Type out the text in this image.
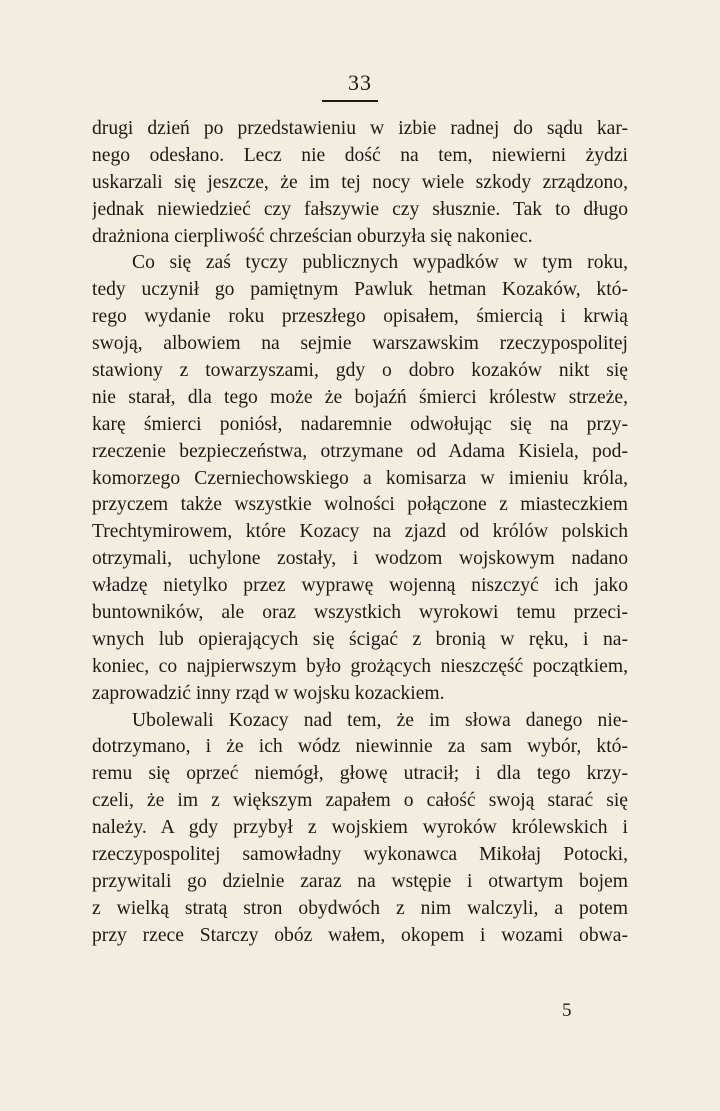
33
drugi dzień po przedstawieniu w izbie radnej do sądu kar-
nego odesłano. Lecz nie dość na tem, niewierni żydzi
uskarzali się jeszcze, że im tej nocy wiele szkody zrządzono,
jednak niewiedzieć czy fałszywie czy słusznie. Tak to długo
drażniona cierpliwość chrześcian oburzyła się nakoniec.
Co się zaś tyczy publicznych wypadków w tym roku,
tedy uczynił go pamiętnym Pawluk hetman Kozaków, któ-
rego wydanie roku przeszłego opisałem, śmiercią i krwią
swoją, albowiem na sejmie warszawskim rzeczypospolitej
stawiony z towarzyszami, gdy o dobro kozaków nikt się
nie starał, dla tego może że bojaźń śmierci królestw strzeże,
karę śmierci poniósł, nadaremnie odwołując się na przy-
rzeczenie bezpieczeństwa, otrzymane od Adama Kisiela, pod-
komorzego Czerniechowskiego a komisarza w imieniu króla,
przyczem także wszystkie wolności połączone z miasteczkiem
Trechtymirowem, które Kozacy na zjazd od królów polskich
otrzymali, uchylone zostały, i wodzom wojskowym nadano
władzę nietylko przez wyprawę wojenną niszczyć ich jako
buntowników, ale oraz wszystkich wyrokowi temu przeci-
wnych lub opierających się ścigać z bronią w ręku, i na-
koniec, co najpierwszym było grożących nieszczęść początkiem,
zaprowadzić inny rząd w wojsku kozackiem.
Ubolewali Kozacy nad tem, że im słowa danego nie-
dotrzymano, i że ich wódz niewinnie za sam wybór, któ-
remu się oprzeć niemógł, głowę utracił; i dla tego krzy-
czeli, że im z większym zapałem o całość swoją starać się
należy. A gdy przybył z wojskiem wyroków królewskich i
rzeczypospolitej samowładny wykonawca Mikołaj Potocki,
przywitali go dzielnie zaraz na wstępie i otwartym bojem
z wielką stratą stron obydwóch z nim walczyli, a potem
przy rzece Starczy obóz wałem, okopem i wozami obwa-
5
